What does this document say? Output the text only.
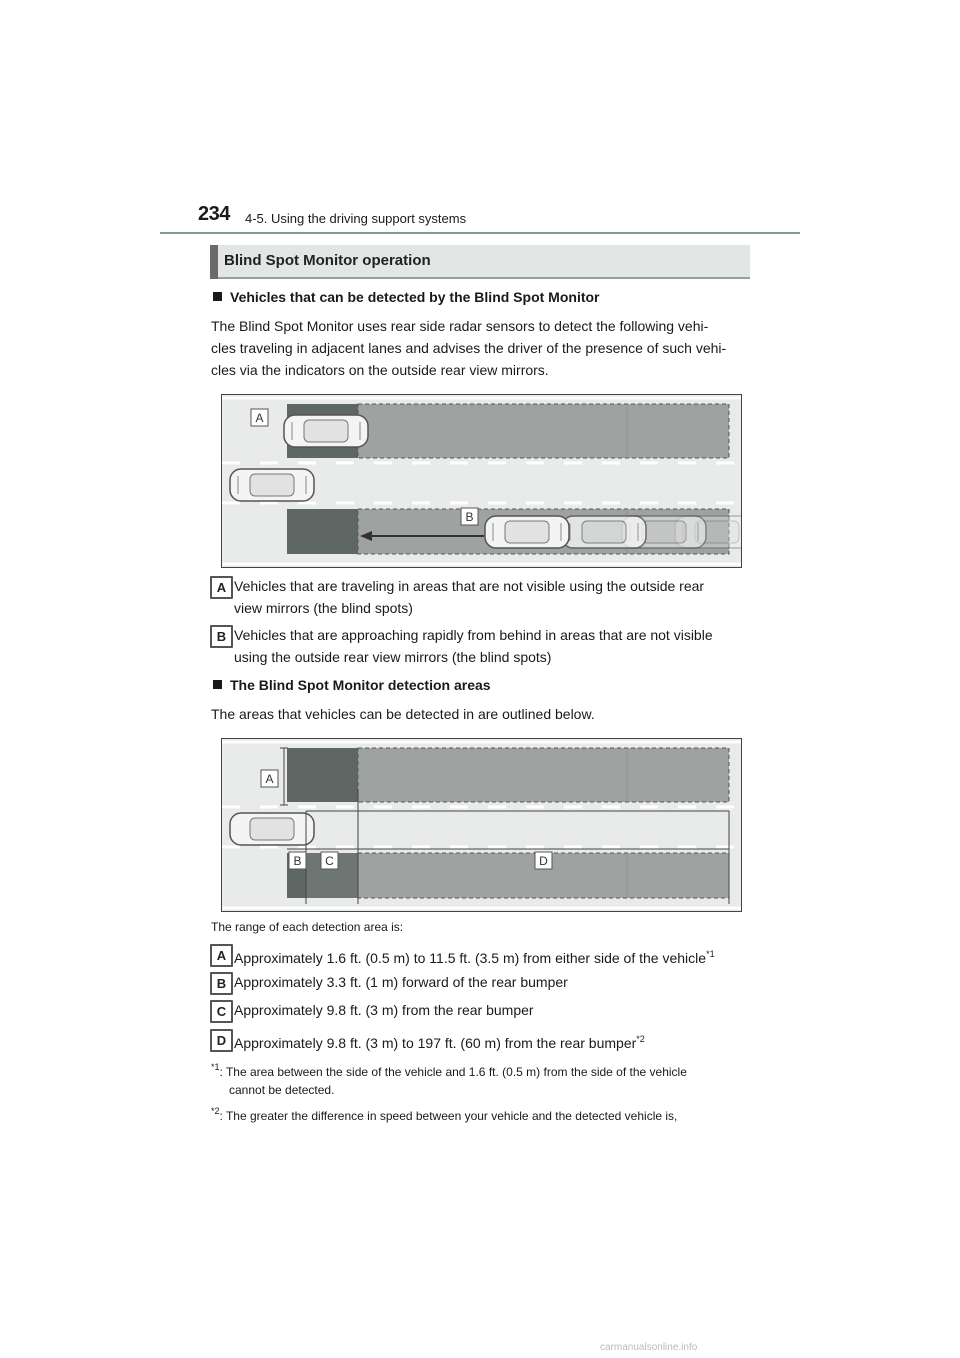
234 4-5. Using the driving support systems
Blind Spot Monitor operation
Vehicles that can be detected by the Blind Spot Monitor
The Blind Spot Monitor uses rear side radar sensors to detect the following vehi-
cles traveling in adjacent lanes and advises the driver of the presence of such vehi-
cles via the indicators on the outside rear view mirrors.
A
B
A Vehicles that are traveling in areas that are not visible using the outside rear
view mirrors (the blind spots)
B Vehicles that are approaching rapidly from behind in areas that are not visible
using the outside rear view mirrors (the blind spots)
The Blind Spot Monitor detection areas
The areas that vehicles can be detected in are outlined below.
A
B C	D
The range of each detection area is:
A Approximately 1.6 ft. (0.5 m) to 11.5 ft. (3.5 m) from either side of the vehicle$^{*1}$
B Approximately 3.3 ft. (1 m) forward of the rear bumper
C Approximately 9.8 ft. (3 m) from the rear bumper
D Approximately 9.8 ft. (3 m) to 197 ft. (60 m) from the rear bumper$^{*2}$
$^{*1}$: The area between the side of the vehicle and 1.6 ft. (0.5 m) from the side of the vehicle
cannot be detected.
$^{*2}$: The greater the difference in speed between your vehicle and the detected vehicle is,
carmanualsonline.info
